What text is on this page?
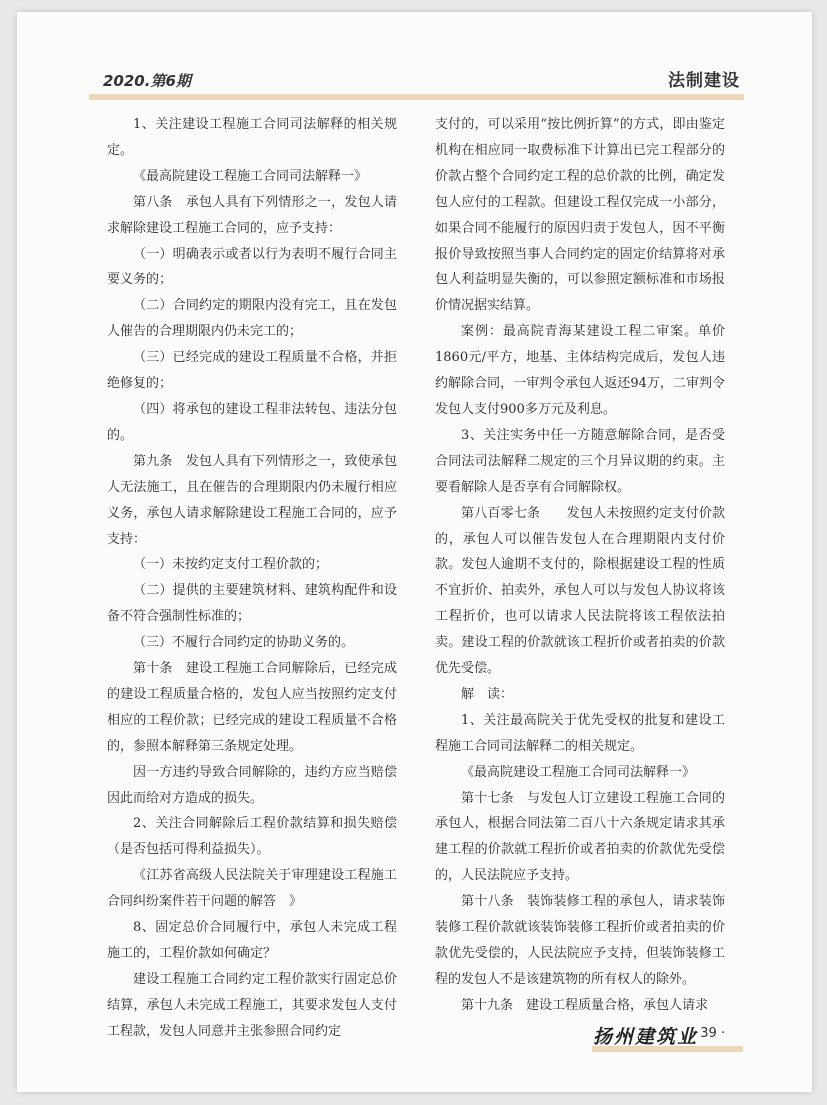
2020.第6期	法制建设

1、关注建设工程施工合同司法解释的相关规定。

《最高院建设工程施工合同司法解释一》

第八条　承包人具有下列情形之一，发包人请求解除建设工程施工合同的，应予支持：

（一）明确表示或者以行为表明不履行合同主要义务的；

（二）合同约定的期限内没有完工，且在发包人催告的合理期限内仍未完工的；

（三）已经完成的建设工程质量不合格，并拒绝修复的；

（四）将承包的建设工程非法转包、违法分包的。

第九条　发包人具有下列情形之一，致使承包人无法施工，且在催告的合理期限内仍未履行相应义务，承包人请求解除建设工程施工合同的，应予支持：

（一）未按约定支付工程价款的；

（二）提供的主要建筑材料、建筑构配件和设备不符合强制性标准的；

（三）不履行合同约定的协助义务的。

第十条　建设工程施工合同解除后，已经完成的建设工程质量合格的，发包人应当按照约定支付相应的工程价款；已经完成的建设工程质量不合格的，参照本解释第三条规定处理。

因一方违约导致合同解除的，违约方应当赔偿因此而给对方造成的损失。

2、关注合同解除后工程价款结算和损失赔偿（是否包括可得利益损失）。

《江苏省高级人民法院关于审理建设工程施工合同纠纷案件若干问题的解答　》

8、固定总价合同履行中，承包人未完成工程施工的，工程价款如何确定？

建设工程施工合同约定工程价款实行固定总价结算，承包人未完成工程施工，其要求发包人支付工程款，发包人同意并主张参照合同约定

支付的，可以采用“按比例折算”的方式，即由鉴定机构在相应同一取费标准下计算出已完工程部分的价款占整个合同约定工程的总价款的比例，确定发包人应付的工程款。但建设工程仅完成一小部分，如果合同不能履行的原因归责于发包人，因不平衡报价导致按照当事人合同约定的固定价结算将对承包人利益明显失衡的，可以参照定额标准和市场报价情况据实结算。

案例：最高院青海某建设工程二审案。单价1860元/平方，地基、主体结构完成后，发包人违约解除合同，一审判令承包人返还94万，二审判令发包人支付900多万元及利息。

3、关注实务中任一方随意解除合同，是否受合同法司法解释二规定的三个月异议期的约束。主要看解除人是否享有合同解除权。

第八百零七条　　发包人未按照约定支付价款的，承包人可以催告发包人在合理期限内支付价款。发包人逾期不支付的，除根据建设工程的性质不宜折价、拍卖外，承包人可以与发包人协议将该工程折价，也可以请求人民法院将该工程依法拍卖。建设工程的价款就该工程折价或者拍卖的价款优先受偿。

解　读：

1、关注最高院关于优先受权的批复和建设工程施工合同司法解释二的相关规定。

《最高院建设工程施工合同司法解释一》

第十七条　与发包人订立建设工程施工合同的承包人，根据合同法第二百八十六条规定请求其承建工程的价款就工程折价或者拍卖的价款优先受偿的，人民法院应予支持。

第十八条　装饰装修工程的承包人，请求装饰装修工程价款就该装饰装修工程折价或者拍卖的价款优先受偿的，人民法院应予支持，但装饰装修工程的发包人不是该建筑物的所有权人的除外。

第十九条　建设工程质量合格，承包人请求

扬州建筑业
· 39 ·
